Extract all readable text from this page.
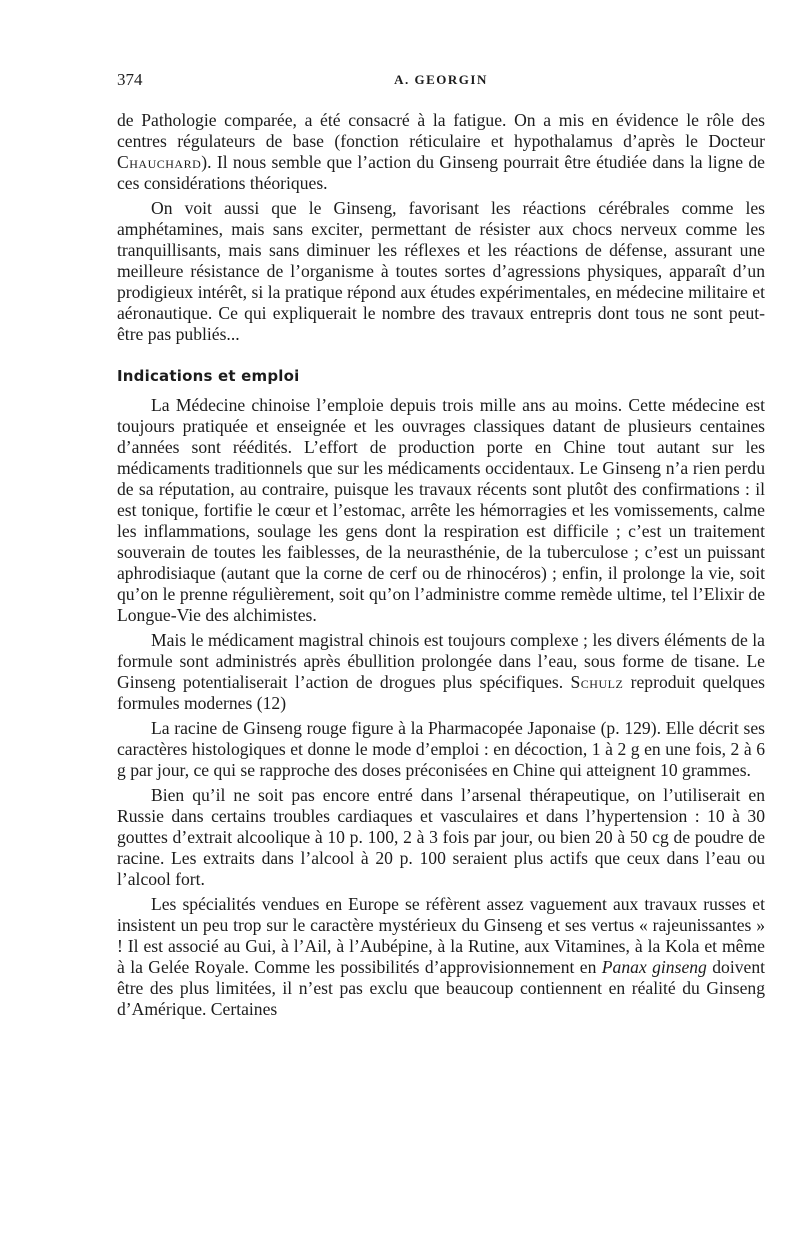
374	A. GEORGIN

de Pathologie comparée, a été consacré à la fatigue. On a mis en évidence le rôle des centres régulateurs de base (fonction réticulaire et hypothalamus d’après le Docteur Chauchard). Il nous semble que l’action du Ginseng pourrait être étudiée dans la ligne de ces considérations théoriques.

On voit aussi que le Ginseng, favorisant les réactions cérébrales comme les amphétamines, mais sans exciter, permettant de résister aux chocs nerveux comme les tranquillisants, mais sans diminuer les réflexes et les réactions de défense, assurant une meilleure résistance de l’organisme à toutes sortes d’agressions physiques, apparaît d’un prodigieux intérêt, si la pratique répond aux études expérimentales, en médecine militaire et aéronautique. Ce qui expliquerait le nombre des travaux entrepris dont tous ne sont peut-être pas publiés...

Indications et emploi

La Médecine chinoise l’emploie depuis trois mille ans au moins. Cette médecine est toujours pratiquée et enseignée et les ouvrages classiques datant de plusieurs centaines d’années sont réédités. L’effort de production porte en Chine tout autant sur les médicaments traditionnels que sur les médicaments occidentaux. Le Ginseng n’a rien perdu de sa réputation, au contraire, puisque les travaux récents sont plutôt des confirmations : il est tonique, fortifie le cœur et l’estomac, arrête les hémorragies et les vomissements, calme les inflammations, soulage les gens dont la respiration est difficile ; c’est un traitement souverain de toutes les faiblesses, de la neurasthénie, de la tuberculose ; c’est un puissant aphrodisiaque (autant que la corne de cerf ou de rhinocéros) ; enfin, il prolonge la vie, soit qu’on le prenne régulièrement, soit qu’on l’administre comme remède ultime, tel l’Elixir de Longue-Vie des alchimistes.

Mais le médicament magistral chinois est toujours complexe ; les divers éléments de la formule sont administrés après ébullition prolongée dans l’eau, sous forme de tisane. Le Ginseng potentialiserait l’action de drogues plus spécifiques. Schulz reproduit quelques formules modernes (12)

La racine de Ginseng rouge figure à la Pharmacopée Japonaise (p. 129). Elle décrit ses caractères histologiques et donne le mode d’emploi : en décoction, 1 à 2 g en une fois, 2 à 6 g par jour, ce qui se rapproche des doses préconisées en Chine qui atteignent 10 grammes.

Bien qu’il ne soit pas encore entré dans l’arsenal thérapeutique, on l’utiliserait en Russie dans certains troubles cardiaques et vasculaires et dans l’hypertension : 10 à 30 gouttes d’extrait alcoolique à 10 p. 100, 2 à 3 fois par jour, ou bien 20 à 50 cg de poudre de racine. Les extraits dans l’alcool à 20 p. 100 seraient plus actifs que ceux dans l’eau ou l’alcool fort.

Les spécialités vendues en Europe se réfèrent assez vaguement aux travaux russes et insistent un peu trop sur le caractère mystérieux du Ginseng et ses vertus « rajeunissantes » ! Il est associé au Gui, à l’Ail, à l’Aubépine, à la Rutine, aux Vitamines, à la Kola et même à la Gelée Royale. Comme les possibilités d’approvisionnement en Panax ginseng doivent être des plus limitées, il n’est pas exclu que beaucoup contiennent en réalité du Ginseng d’Amérique. Certaines
